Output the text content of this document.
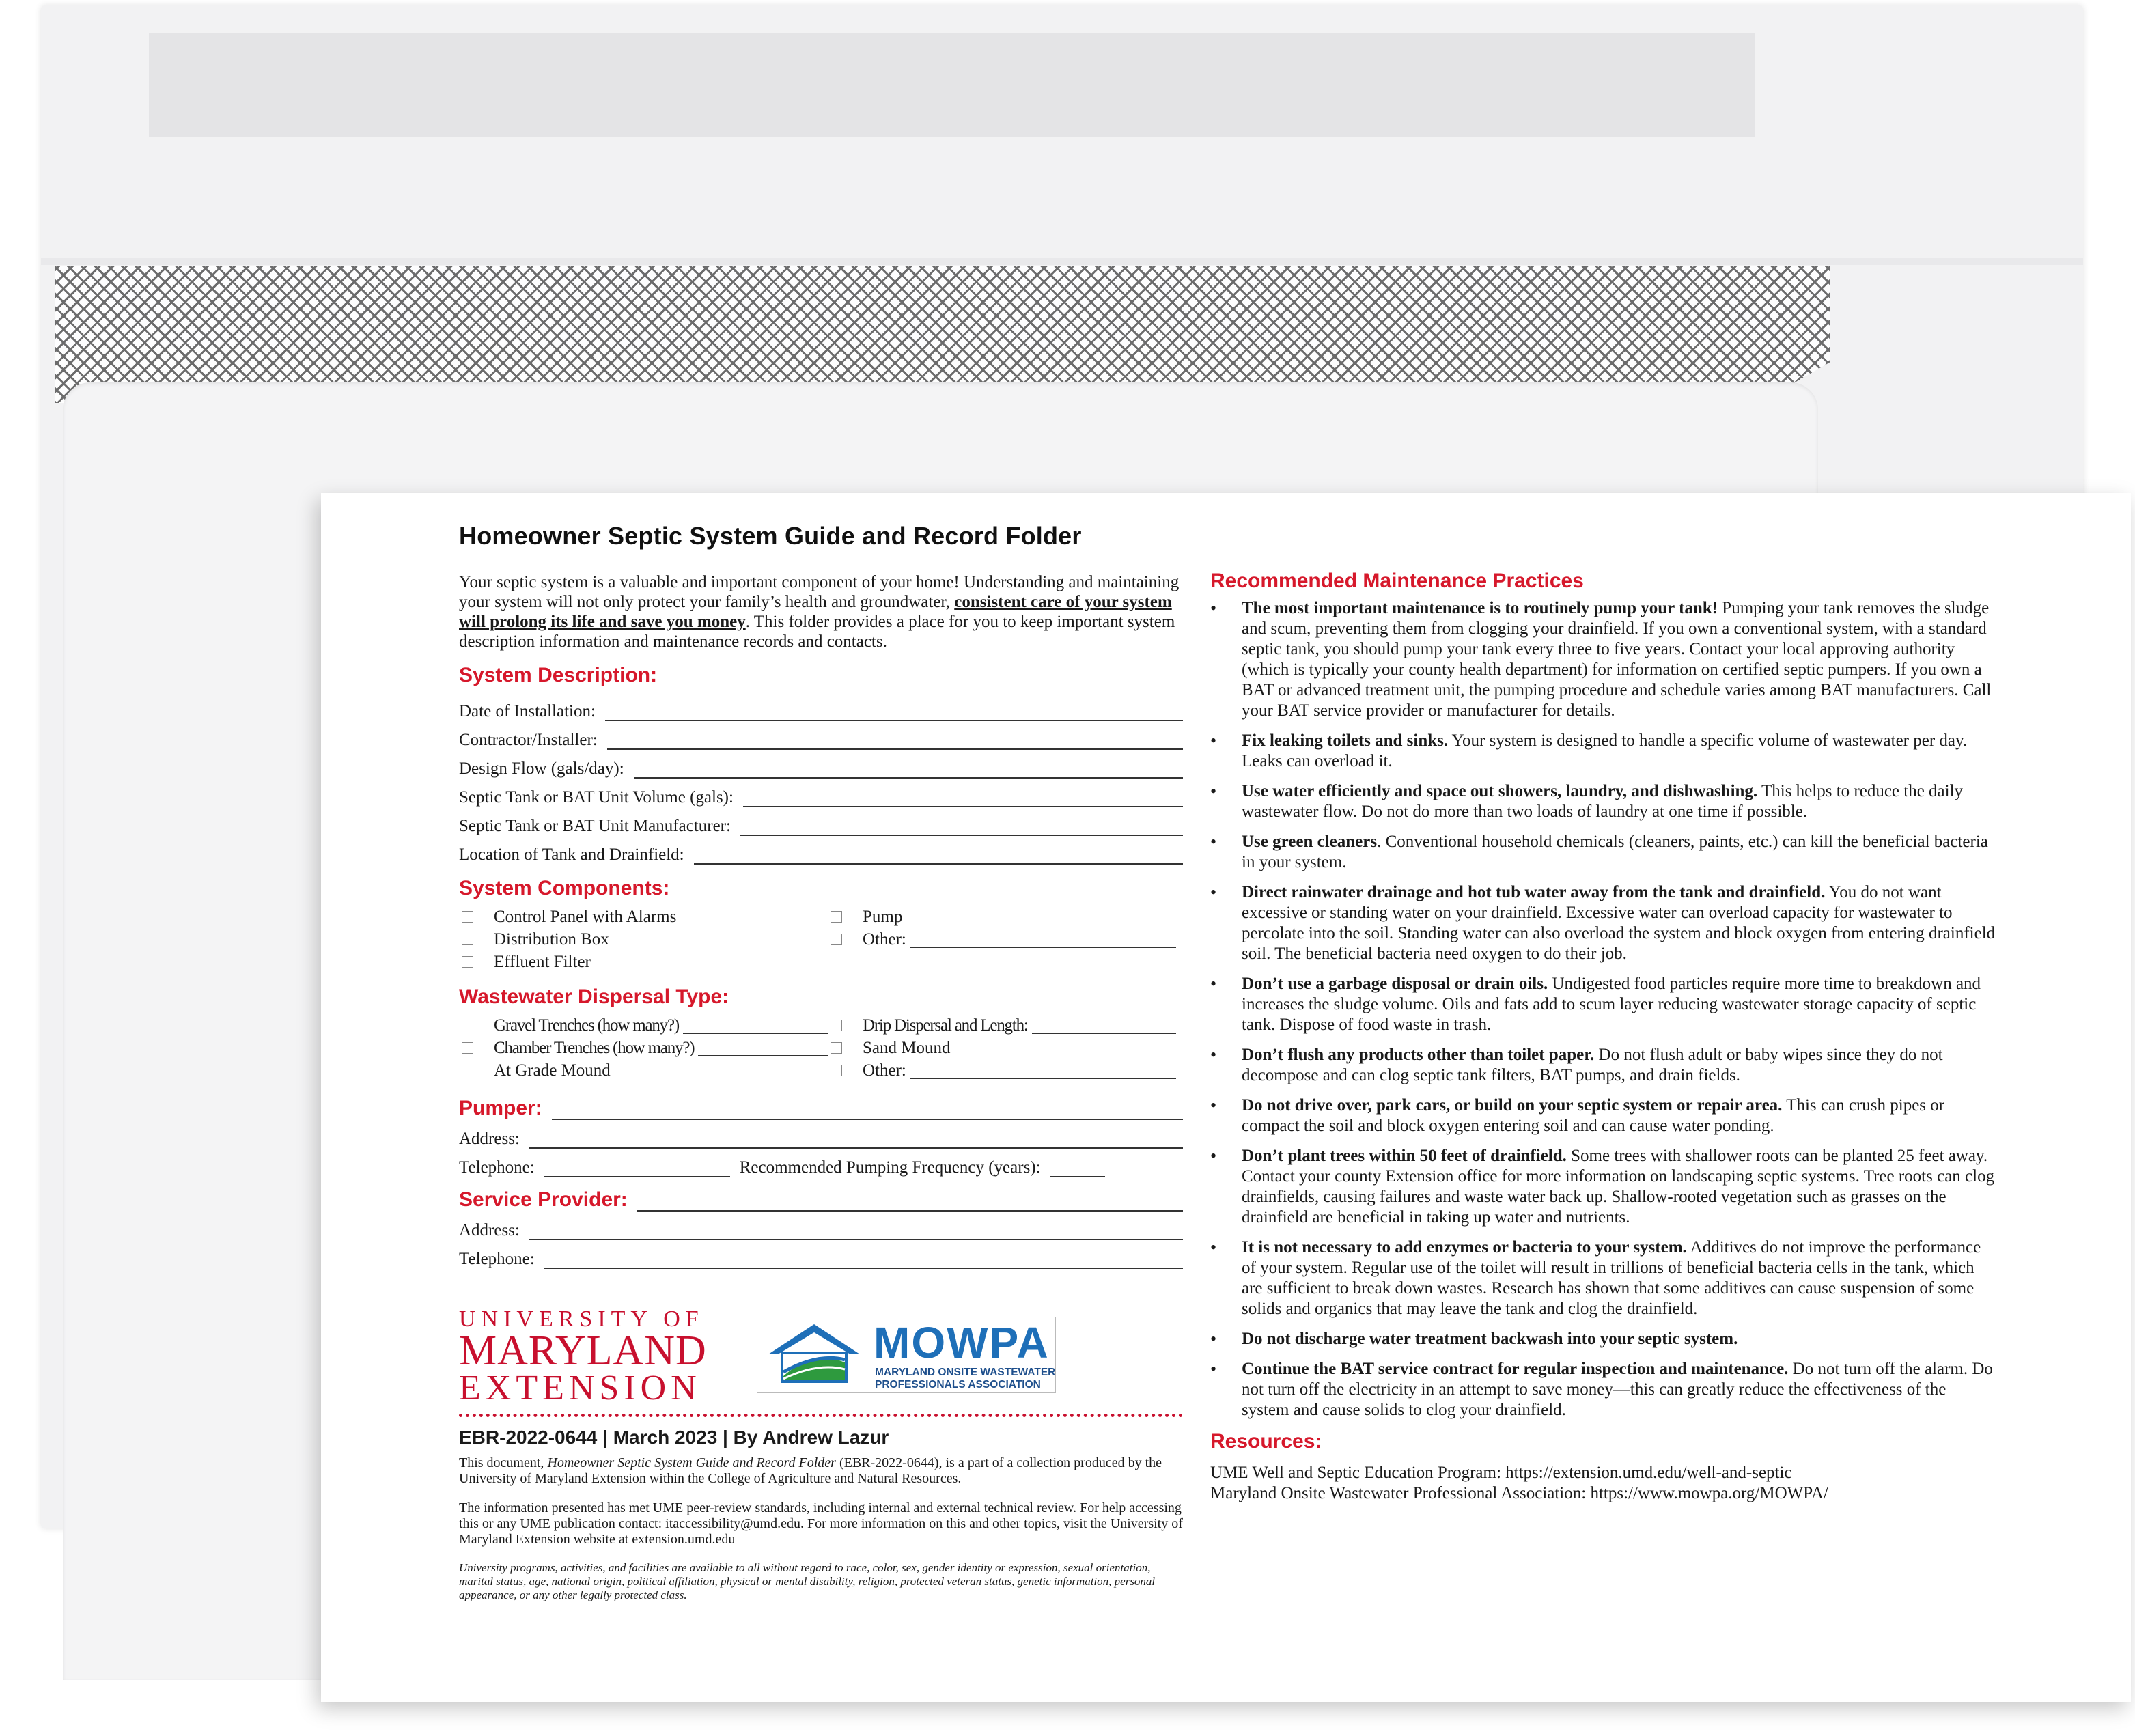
Homeowner Septic System Guide and Record Folder

Your septic system is a valuable and important component of your home! Understanding and maintaining your system will not only protect your family’s health and groundwater, consistent care of your system will prolong its life and save you money. This folder provides a place for you to keep important system description information and maintenance records and contacts.

System Description:
Date of Installation:
Contractor/Installer:
Design Flow (gals/day):
Septic Tank or BAT Unit Volume (gals):
Septic Tank or BAT Unit Manufacturer:
Location of Tank and Drainfield:
System Components:
Control Panel with Alarms	Pump
Distribution Box	Other:
Effluent Filter
Wastewater Dispersal Type:
Gravel Trenches (how many?)	Drip Dispersal and Length:
Chamber Trenches (how many?)	Sand Mound
At Grade Mound	Other:
Pumper:
Address:
Telephone:	Recommended Pumping Frequency (years):
Service Provider:
Address:
Telephone:
UNIVERSITY OF
MARYLAND
EXTENSION
MOWPA
MARYLAND ONSITE WASTEWATER
PROFESSIONALS ASSOCIATION
EBR-2022-0644 | March 2023 | By Andrew Lazur

This document, Homeowner Septic System Guide and Record Folder (EBR-2022-0644), is a part of a collection produced by the University of Maryland Extension within the College of Agriculture and Natural Resources.

The information presented has met UME peer-review standards, including internal and external technical review. For help accessing this or any UME publication contact: itaccessibility@umd.edu. For more information on this and other topics, visit the University of Maryland Extension website at extension.umd.edu

University programs, activities, and facilities are available to all without regard to race, color, sex, gender identity or expression, sexual orientation, marital status, age, national origin, political affiliation, physical or mental disability, religion, protected veteran status, genetic information, personal appearance, or any other legally protected class.

Recommended Maintenance Practices
• The most important maintenance is to routinely pump your tank! Pumping your tank removes the sludge and scum, preventing them from clogging your drainfield. If you own a conventional system, with a standard septic tank, you should pump your tank every three to five years. Contact your local approving authority (which is typically your county health department) for information on certified septic pumpers. If you own a BAT or advanced treatment unit, the pumping procedure and schedule varies among BAT manufacturers. Call your BAT service provider or manufacturer for details.
• Fix leaking toilets and sinks. Your system is designed to handle a specific volume of wastewater per day. Leaks can overload it.
• Use water efficiently and space out showers, laundry, and dishwashing. This helps to reduce the daily wastewater flow. Do not do more than two loads of laundry at one time if possible.
• Use green cleaners. Conventional household chemicals (cleaners, paints, etc.) can kill the beneficial bacteria in your system.
• Direct rainwater drainage and hot tub water away from the tank and drainfield. You do not want excessive or standing water on your drainfield. Excessive water can overload capacity for wastewater to percolate into the soil. Standing water can also overload the system and block oxygen from entering drainfield soil. The beneficial bacteria need oxygen to do their job.
• Don’t use a garbage disposal or drain oils. Undigested food particles require more time to breakdown and increases the sludge volume. Oils and fats add to scum layer reducing wastewater storage capacity of septic tank. Dispose of food waste in trash.
• Don’t flush any products other than toilet paper. Do not flush adult or baby wipes since they do not decompose and can clog septic tank filters, BAT pumps, and drain fields.
• Do not drive over, park cars, or build on your septic system or repair area. This can crush pipes or compact the soil and block oxygen entering soil and can cause water ponding.
• Don’t plant trees within 50 feet of drainfield. Some trees with shallower roots can be planted 25 feet away. Contact your county Extension office for more information on landscaping septic systems. Tree roots can clog drainfields, causing failures and waste water back up. Shallow-rooted vegetation such as grasses on the drainfield are beneficial in taking up water and nutrients.
• It is not necessary to add enzymes or bacteria to your system. Additives do not improve the performance of your system. Regular use of the toilet will result in trillions of beneficial bacteria cells in the tank, which are sufficient to break down wastes. Research has shown that some additives can cause suspension of some solids and organics that may leave the tank and clog the drainfield.
• Do not discharge water treatment backwash into your septic system.
• Continue the BAT service contract for regular inspection and maintenance. Do not turn off the alarm. Do not turn off the electricity in an attempt to save money—this can greatly reduce the effectiveness of the system and cause solids to clog your drainfield.
Resources:
UME Well and Septic Education Program: https://extension.umd.edu/well-and-septic
Maryland Onsite Wastewater Professional Association: https://www.mowpa.org/MOWPA/
